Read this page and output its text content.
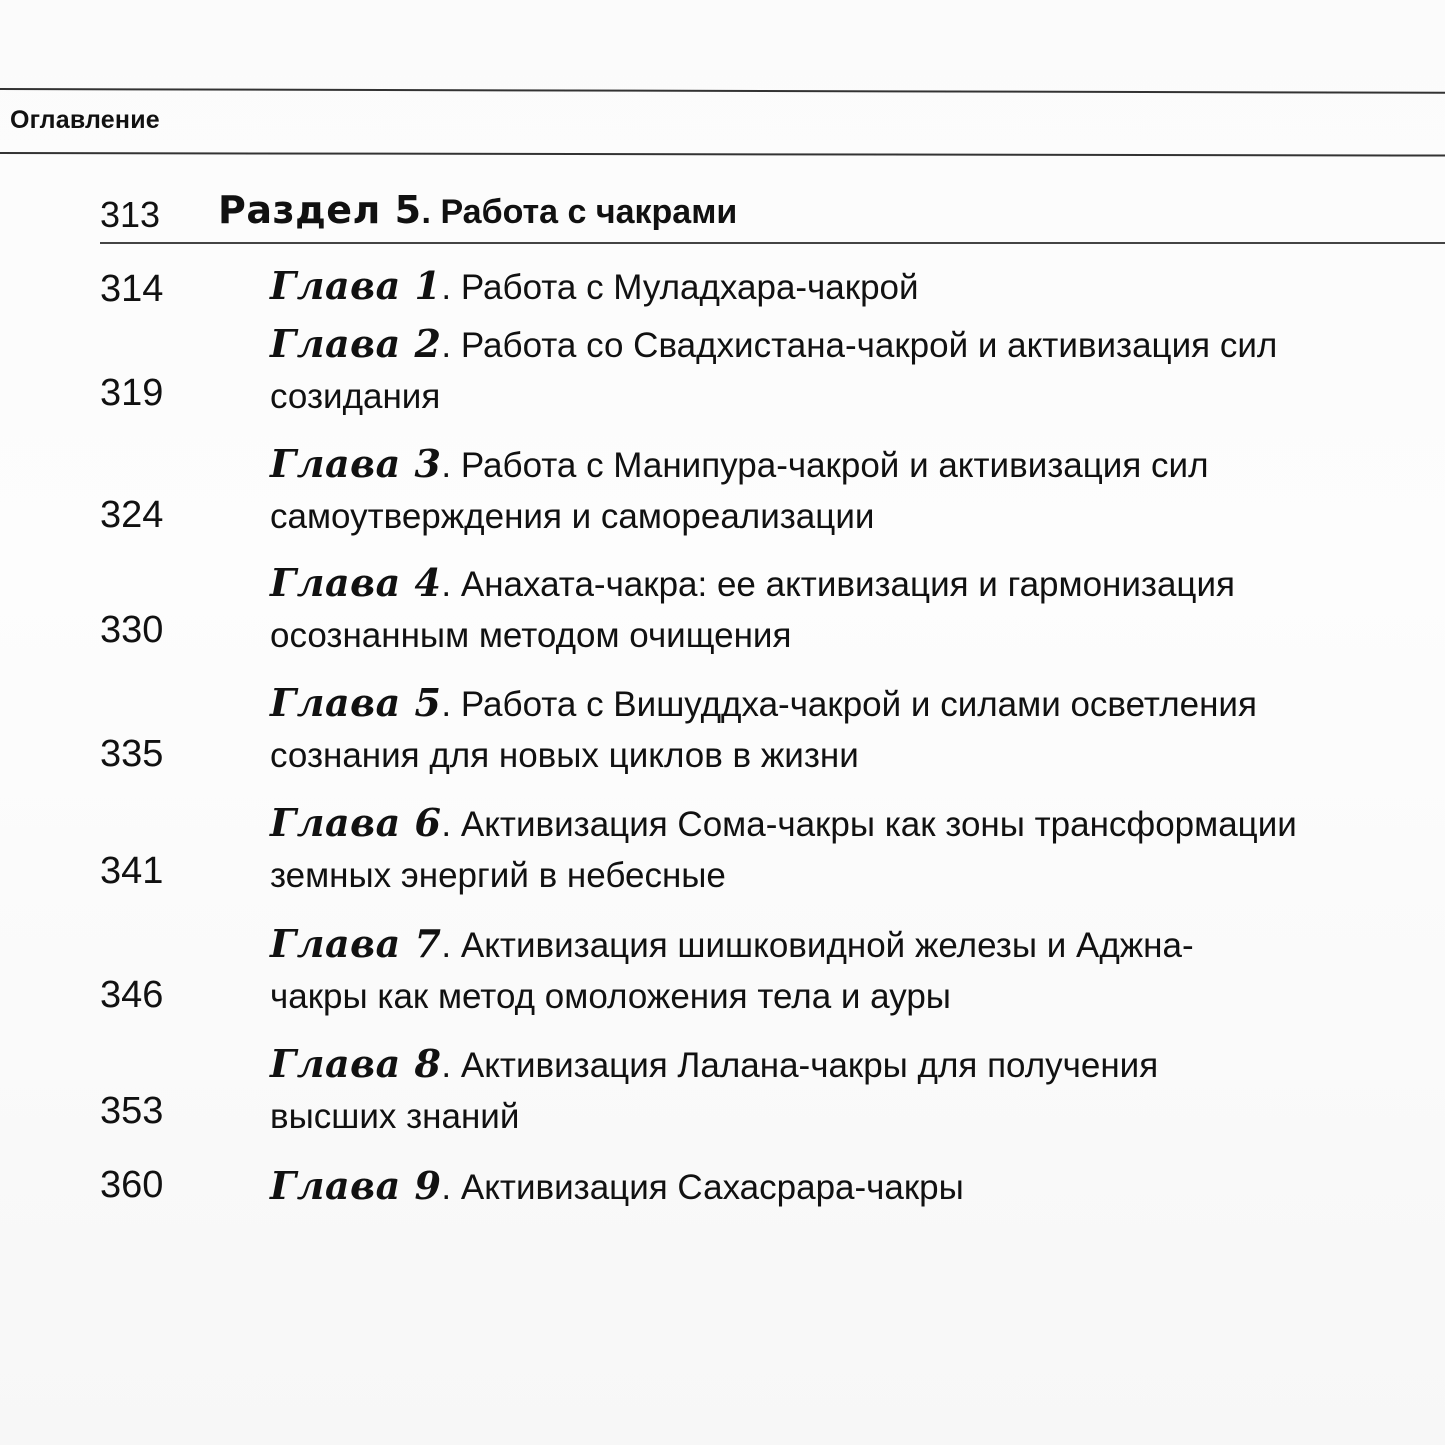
Оглавление
313 Раздел 5. Работа с чакрами
314	Глава 1. Работа с Муладхара-чакрой
319
Глава 2. Работа со Свадхистана-чакрой и активизация сил
созидания
324
Глава 3. Работа с Манипура-чакрой и активизация сил
самоутверждения и самореализации
330
Глава 4. Анахата-чакра: ее активизация и гармонизация
осознанным методом очищения
335
Глава 5. Работа с Вишуддха-чакрой и силами осветления
сознания для новых циклов в жизни
341
Глава 6. Активизация Сома-чакры как зоны трансформации
земных энергий в небесные
346
Глава 7. Активизация шишковидной железы и Аджна-
чакры как метод омоложения тела и ауры
353
Глава 8. Активизация Лалана-чакры для получения
высших знаний
360	Глава 9. Активизация Сахасрара-чакры
